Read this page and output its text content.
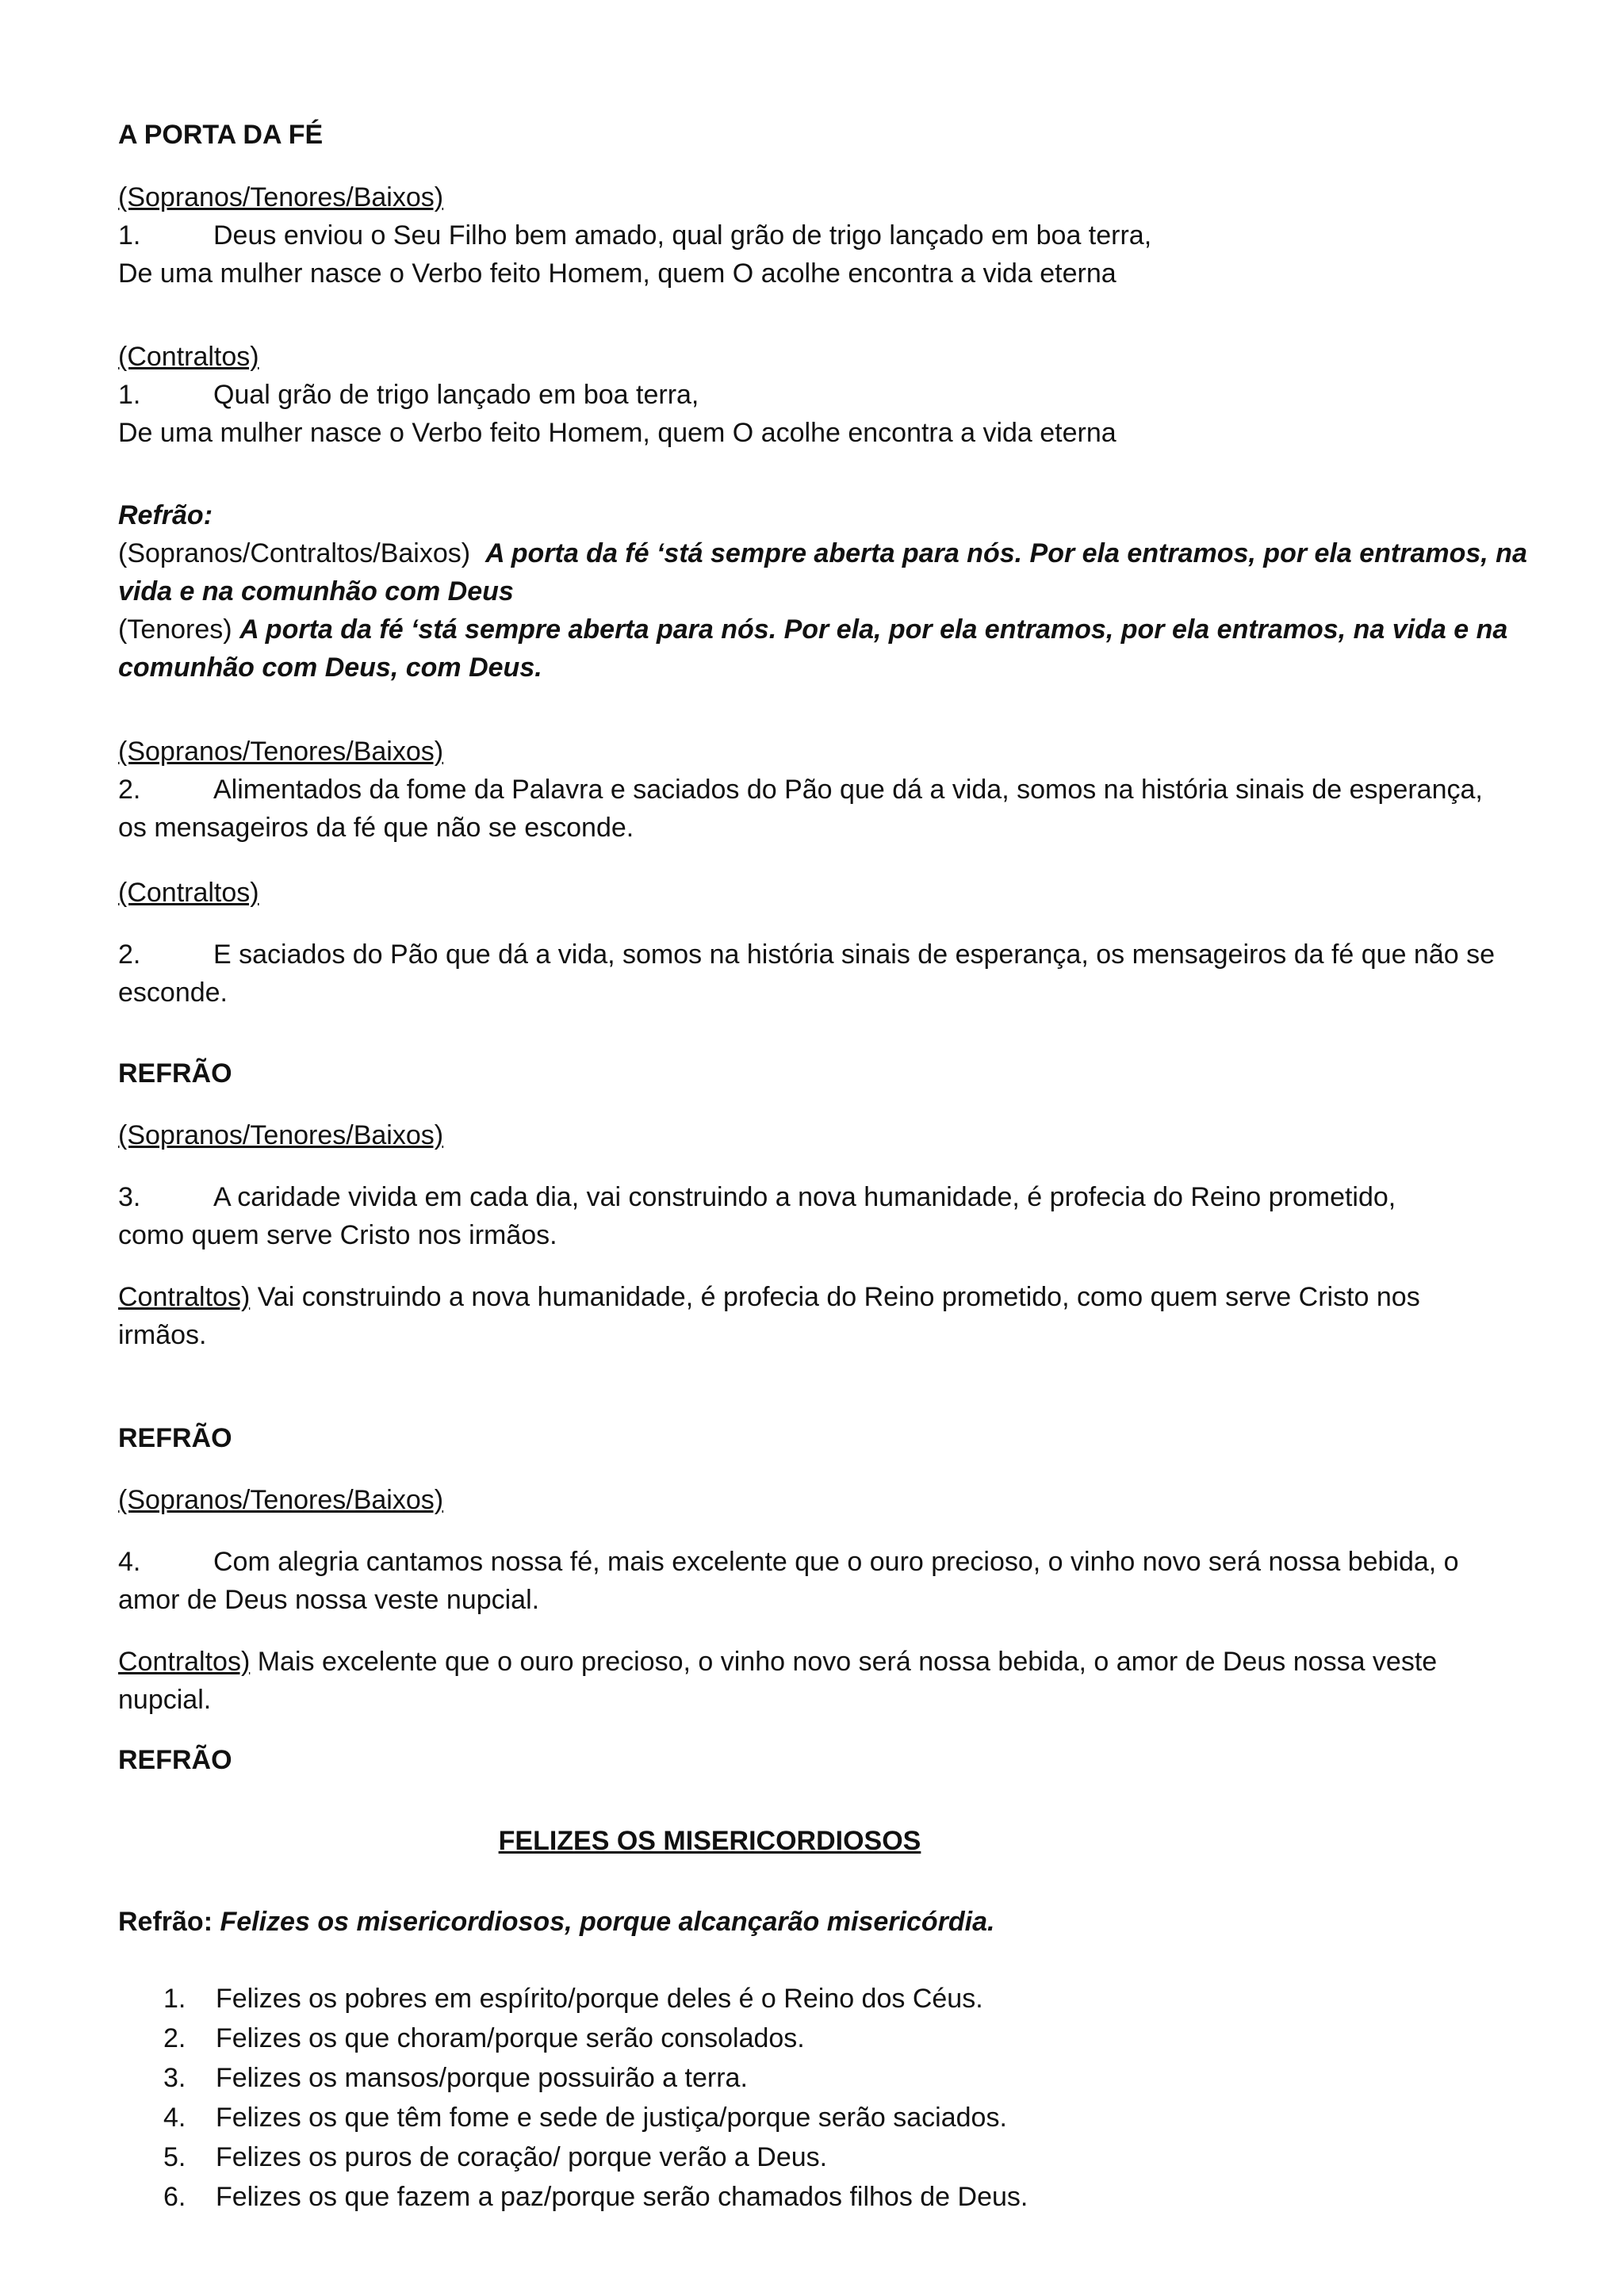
A PORTA DA FÉ
(Sopranos/Tenores/Baixos)
1.	Deus enviou o Seu Filho bem amado, qual grão de trigo lançado em boa terra,
De uma mulher nasce o Verbo feito Homem, quem O acolhe encontra a vida eterna
(Contraltos)
1.	Qual grão de trigo lançado em boa terra,
De uma mulher nasce o Verbo feito Homem, quem O acolhe encontra a vida eterna
Refrão:
(Sopranos/Contraltos/Baixos) A porta da fé ‘stá sempre aberta para nós. Por ela entramos, por ela entramos, na vida e na comunhão com Deus
(Tenores) A porta da fé ‘stá sempre aberta para nós. Por ela, por ela entramos, por ela entramos, na vida e na comunhão com Deus, com Deus.
(Sopranos/Tenores/Baixos)
2.	Alimentados da fome da Palavra e saciados do Pão que dá a vida, somos na história sinais de esperança,
os mensageiros da fé que não se esconde.
(Contraltos)
2.	E saciados do Pão que dá a vida, somos na história sinais de esperança, os mensageiros da fé que não se
esconde.
REFRÃO
(Sopranos/Tenores/Baixos)
3.	A caridade vivida em cada dia, vai construindo a nova humanidade, é profecia do Reino prometido,
como quem serve Cristo nos irmãos.
Contraltos) Vai construindo a nova humanidade, é profecia do Reino prometido, como quem serve Cristo nos
irmãos.
REFRÃO
(Sopranos/Tenores/Baixos)
4.	Com alegria cantamos nossa fé, mais excelente que o ouro precioso, o vinho novo será nossa bebida, o
amor de Deus nossa veste nupcial.
Contraltos) Mais excelente que o ouro precioso, o vinho novo será nossa bebida, o amor de Deus nossa veste
nupcial.
REFRÃO
FELIZES OS MISERICORDIOSOS
Refrão: Felizes os misericordiosos, porque alcançarão misericórdia.
1. Felizes os pobres em espírito/porque deles é o Reino dos Céus.
2. Felizes os que choram/porque serão consolados.
3. Felizes os mansos/porque possuirão a terra.
4. Felizes os que têm fome e sede de justiça/porque serão saciados.
5. Felizes os puros de coração/ porque verão a Deus.
6. Felizes os que fazem a paz/porque serão chamados filhos de Deus.
